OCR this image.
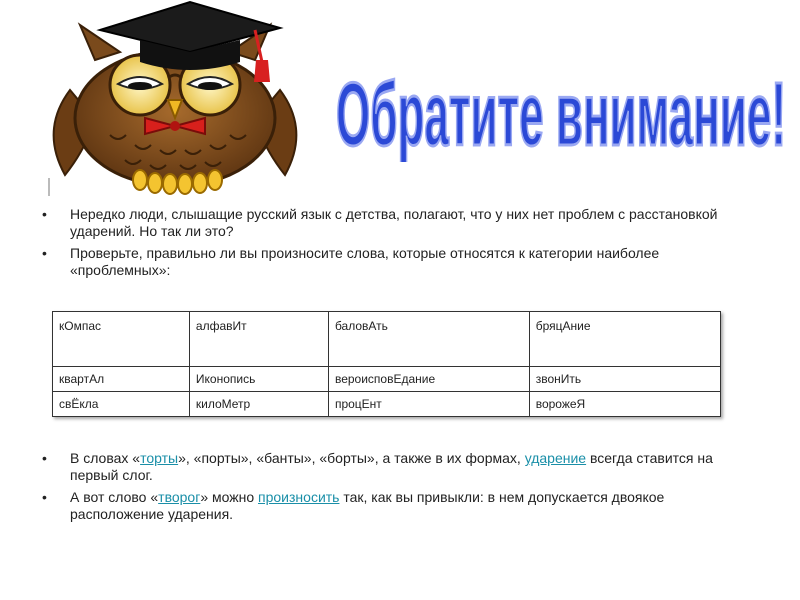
Обратите внимание!
• Нередко люди, слышащие русский язык с детства, полагают, что у них нет проблем с расстановкой ударений. Но так ли это?
• Проверьте, правильно ли вы произносите слова, которые относятся к категории наиболее «проблемных»:
кОмпас	алфавИт	баловАть	бряцАние
квартАл	Иконопись	вероисповЕдание	звонИть
свЁкла	килоМетр	процЕнт	ворожеЯ
• В словах «торты», «порты», «банты», «борты», а также в их формах, ударение всегда ставится на первый слог.
• А вот слово «творог» можно произносить так, как вы привыкли: в нем допускается двоякое расположение ударения.
